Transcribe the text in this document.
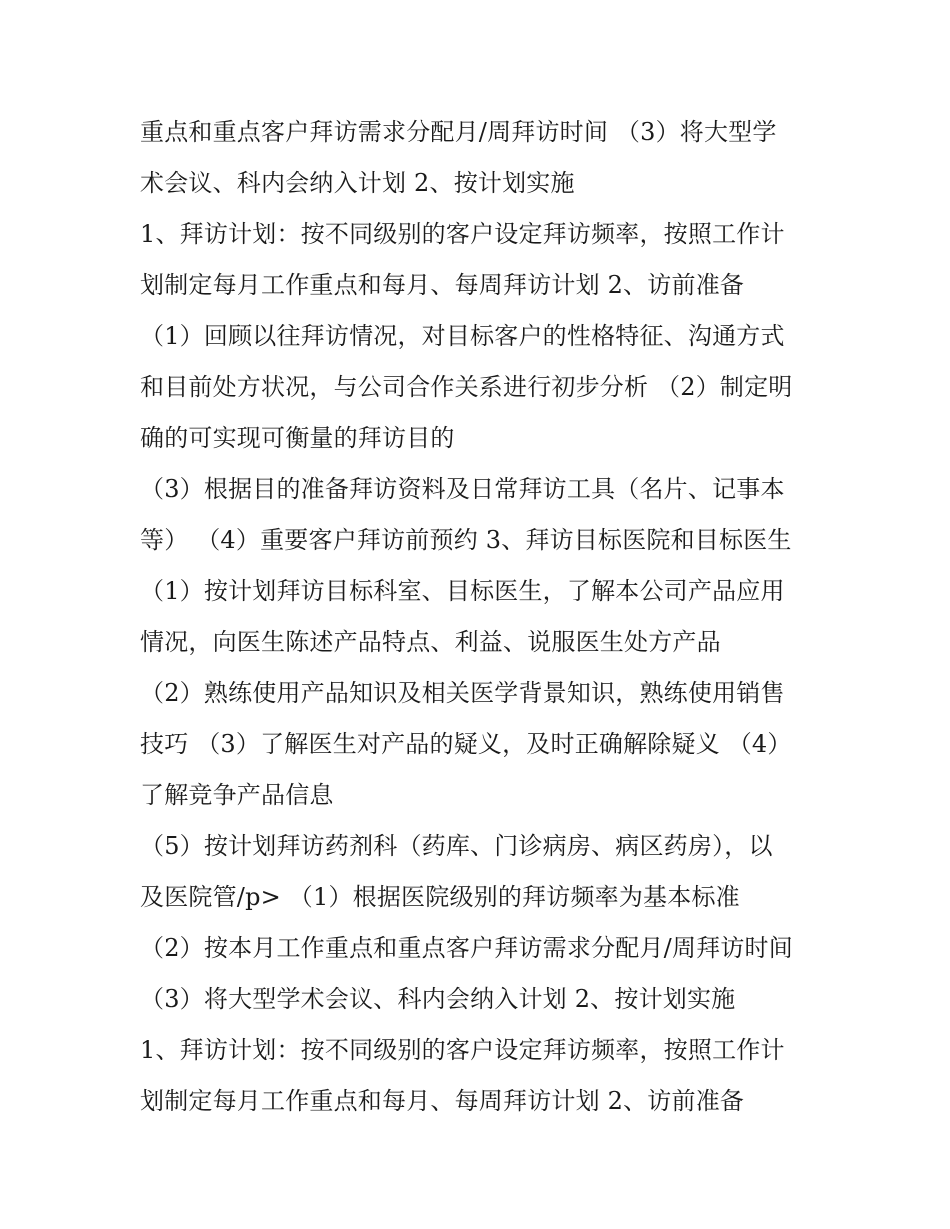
重点和重点客户拜访需求分配月/周拜访时间 （3）将大型学
术会议、科内会纳入计划 2、按计划实施
1、拜访计划：按不同级别的客户设定拜访频率，按照工作计
划制定每月工作重点和每月、每周拜访计划 2、访前准备
（1）回顾以往拜访情况，对目标客户的性格特征、沟通方式
和目前处方状况，与公司合作关系进行初步分析 （2）制定明
确的可实现可衡量的拜访目的
（3）根据目的准备拜访资料及日常拜访工具（名片、记事本
等） （4）重要客户拜访前预约 3、拜访目标医院和目标医生
（1）按计划拜访目标科室、目标医生，了解本公司产品应用
情况，向医生陈述产品特点、利益、说服医生处方产品
（2）熟练使用产品知识及相关医学背景知识，熟练使用销售
技巧 （3）了解医生对产品的疑义，及时正确解除疑义 （4）
了解竞争产品信息
（5）按计划拜访药剂科（药库、门诊病房、病区药房），以
及医院管/p> （1）根据医院级别的拜访频率为基本标准
（2）按本月工作重点和重点客户拜访需求分配月/周拜访时间
（3）将大型学术会议、科内会纳入计划 2、按计划实施
1、拜访计划：按不同级别的客户设定拜访频率，按照工作计
划制定每月工作重点和每月、每周拜访计划 2、访前准备
